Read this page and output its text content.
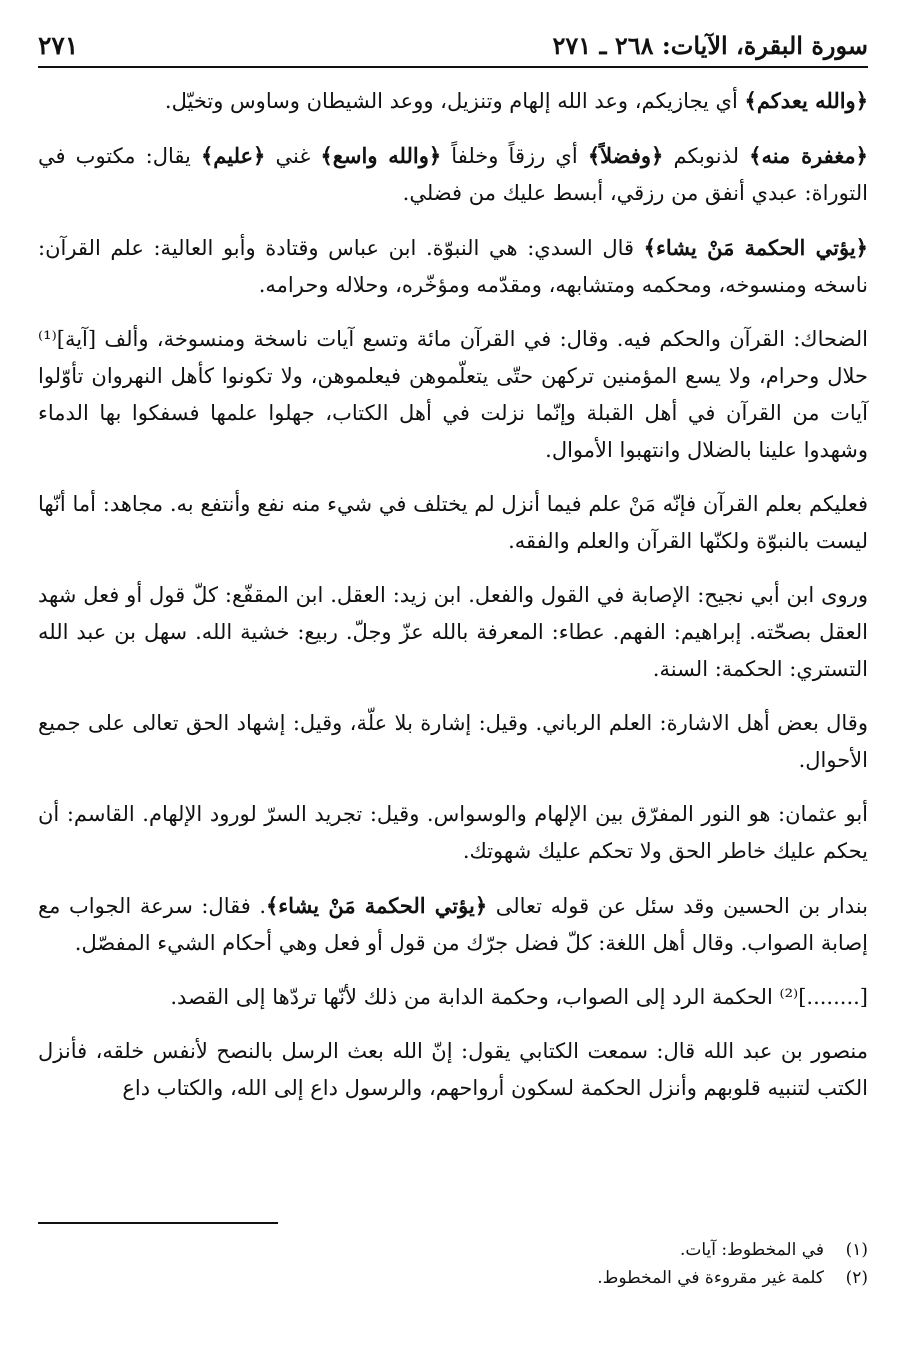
سورة البقرة، الآيات: ٢٦٨ ـ ٢٧١
٢٧١

﴿والله يعدكم﴾ أي يجازيكم، وعد الله إلهام وتنزيل، ووعد الشيطان وساوس وتخيّل.

﴿مغفرة منه﴾ لذنوبكم ﴿وفضلاً﴾ أي رزقاً وخلفاً ﴿والله واسع﴾ غني ﴿عليم﴾ يقال: مكتوب في التوراة: عبدي أنفق من رزقي، أبسط عليك من فضلي.

﴿يؤتي الحكمة مَنْ يشاء﴾ قال السدي: هي النبوّة. ابن عباس وقتادة وأبو العالية: علم القرآن: ناسخه ومنسوخه، ومحكمه ومتشابهه، ومقدّمه ومؤخّره، وحلاله وحرامه.

الضحاك: القرآن والحكم فيه. وقال: في القرآن مائة وتسع آيات ناسخة ومنسوخة، وألف [آية]⁽¹⁾ حلال وحرام، ولا يسع المؤمنين تركهن حتّى يتعلّموهن فيعلموهن، ولا تكونوا كأهل النهروان تأوّلوا آيات من القرآن في أهل القبلة وإنّما نزلت في أهل الكتاب، جهلوا علمها فسفكوا بها الدماء وشهدوا علينا بالضلال وانتهبوا الأموال.

فعليكم بعلم القرآن فإنّه مَنْ علم فيما أنزل لم يختلف في شيء منه نفع وأنتفع به. مجاهد: أما أنّها ليست بالنبوّة ولكنّها القرآن والعلم والفقه.

وروى ابن أبي نجيح: الإصابة في القول والفعل. ابن زيد: العقل. ابن المقفّع: كلّ قول أو فعل شهد العقل بصحّته. إبراهيم: الفهم. عطاء: المعرفة بالله عزّ وجلّ. ربيع: خشية الله. سهل بن عبد الله التستري: الحكمة: السنة.

وقال بعض أهل الاشارة: العلم الرباني. وقيل: إشارة بلا علّة، وقيل: إشهاد الحق تعالى على جميع الأحوال.

أبو عثمان: هو النور المفرّق بين الإلهام والوسواس. وقيل: تجريد السرّ لورود الإلهام. القاسم: أن يحكم عليك خاطر الحق ولا تحكم عليك شهوتك.

بندار بن الحسين وقد سئل عن قوله تعالى ﴿يؤتي الحكمة مَنْ يشاء﴾. فقال: سرعة الجواب مع إصابة الصواب. وقال أهل اللغة: كلّ فضل جرّك من قول أو فعل وهي أحكام الشيء المفصّل.

[........]⁽²⁾ الحكمة الرد إلى الصواب، وحكمة الدابة من ذلك لأنّها تردّها إلى القصد.

منصور بن عبد الله قال: سمعت الكتابي يقول: إنّ الله بعث الرسل بالنصح لأنفس خلقه، فأنزل الكتب لتنبيه قلوبهم وأنزل الحكمة لسكون أرواحهم، والرسول داع إلى الله، والكتاب داع

(١)في المخطوط: آيات.
(٢)كلمة غير مقروءة في المخطوط.
